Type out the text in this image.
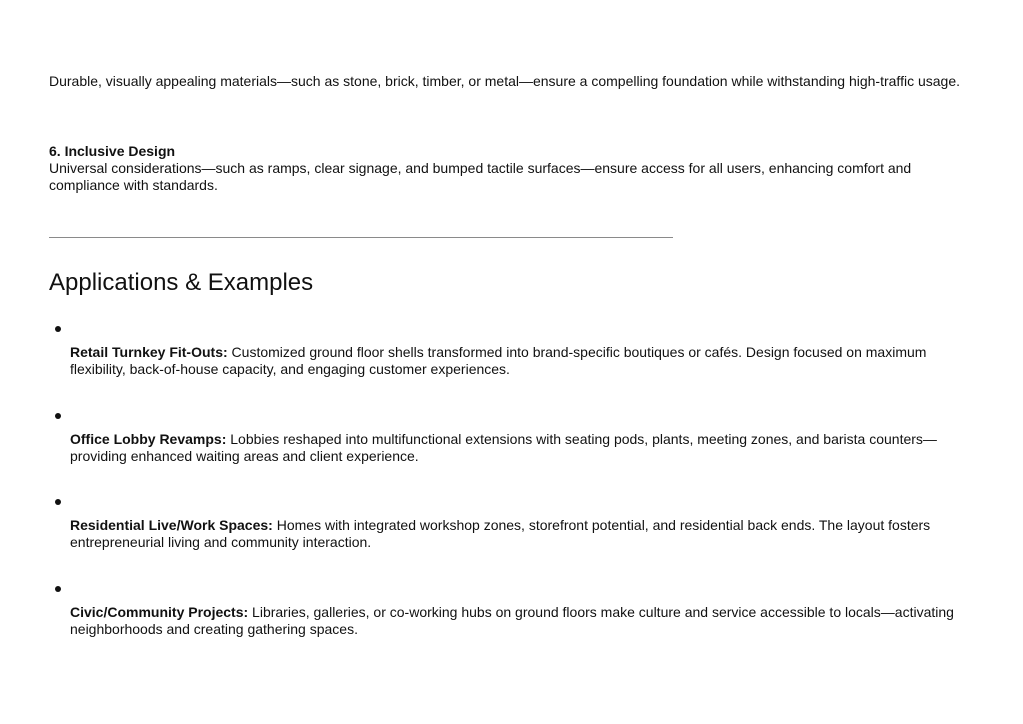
Durable, visually appealing materials—such as stone, brick, timber, or metal—ensure a compelling foundation while withstanding high-traffic usage.

6. Inclusive Design

Universal considerations—such as ramps, clear signage, and bumped tactile surfaces—ensure access for all users, enhancing comfort and compliance with standards.

Applications & Examples

Retail Turnkey Fit-Outs: Customized ground floor shells transformed into brand-specific boutiques or cafés. Design focused on maximum flexibility, back-of-house capacity, and engaging customer experiences.

Office Lobby Revamps: Lobbies reshaped into multifunctional extensions with seating pods, plants, meeting zones, and barista counters—providing enhanced waiting areas and client experience.

Residential Live/Work Spaces: Homes with integrated workshop zones, storefront potential, and residential back ends. The layout fosters entrepreneurial living and community interaction.

Civic/Community Projects: Libraries, galleries, or co-working hubs on ground floors make culture and service accessible to locals—activating neighborhoods and creating gathering spaces.
